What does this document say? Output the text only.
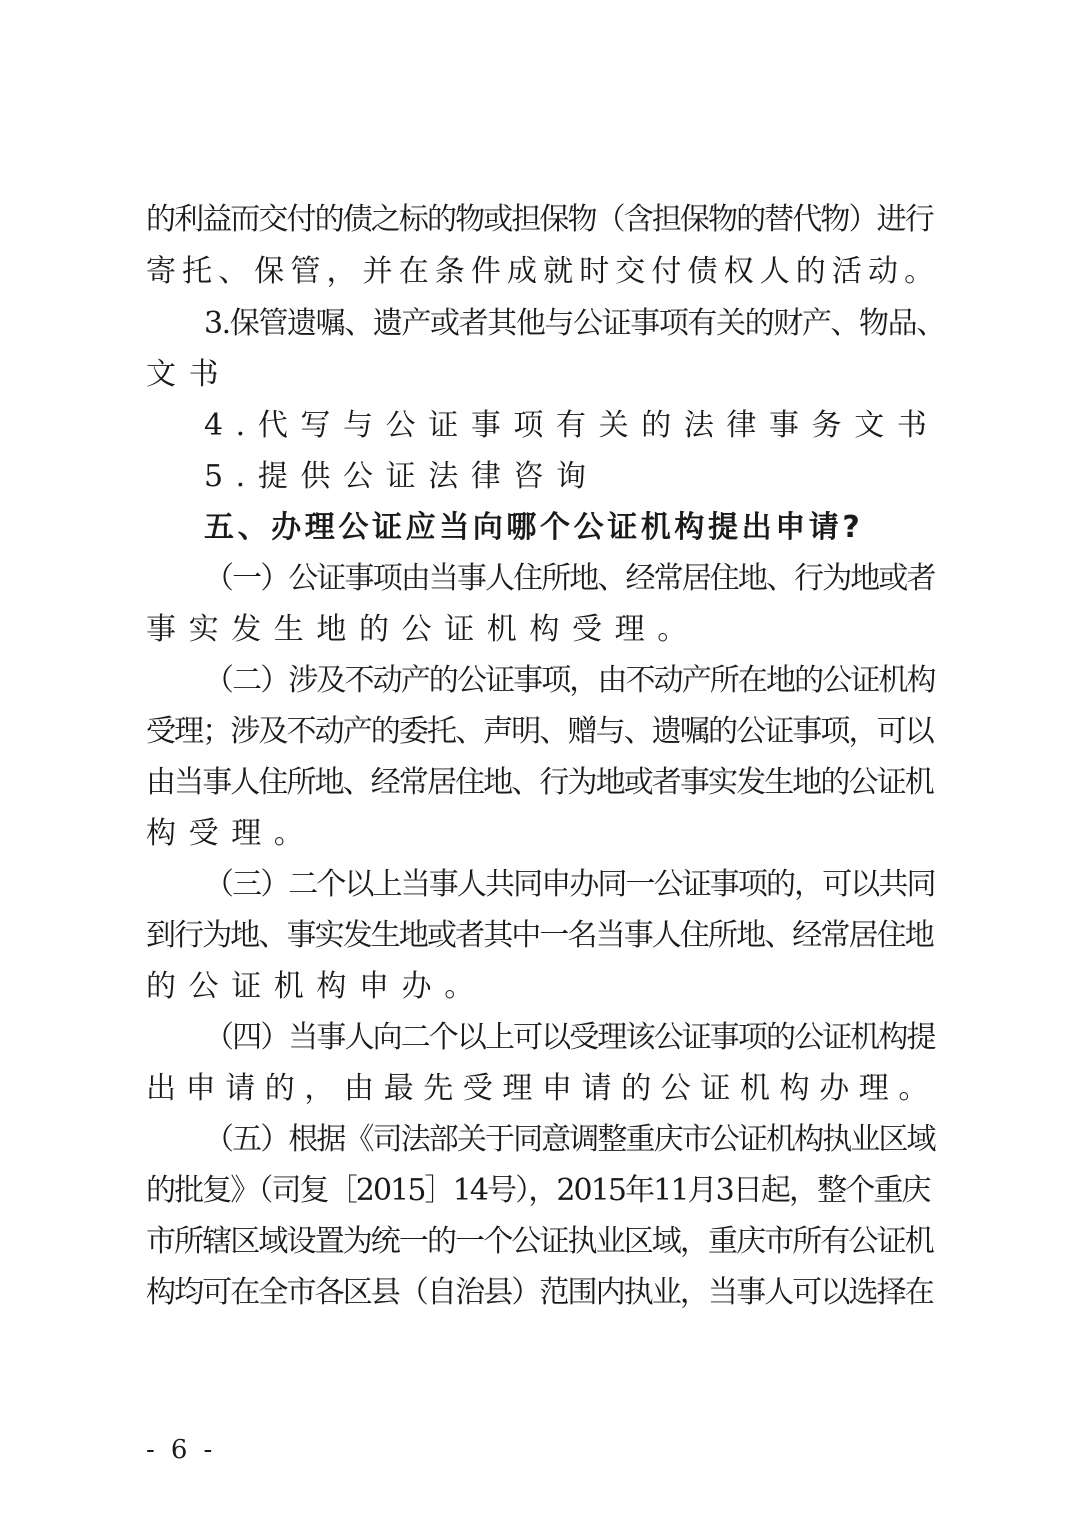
的利益而交付的债之标的物或担保物（含担保物的替代物）进行
寄托、保管，并在条件成就时交付债权人的活动。
3.保管遗嘱、遗产或者其他与公证事项有关的财产、物品、
文书
4.代写与公证事项有关的法律事务文书
5.提供公证法律咨询
五、办理公证应当向哪个公证机构提出申请?
（一）公证事项由当事人住所地、经常居住地、行为地或者
事实发生地的公证机构受理。
（二）涉及不动产的公证事项，由不动产所在地的公证机构
受理；涉及不动产的委托、声明、赠与、遗嘱的公证事项，可以
由当事人住所地、经常居住地、行为地或者事实发生地的公证机
构受理。
（三）二个以上当事人共同申办同一公证事项的，可以共同
到行为地、事实发生地或者其中一名当事人住所地、经常居住地
的公证机构申办。
（四）当事人向二个以上可以受理该公证事项的公证机构提
出申请的，由最先受理申请的公证机构办理。
（五）根据《司法部关于同意调整重庆市公证机构执业区域
的批复》（司复［2015］14号），2015年11月3日起，整个重庆
市所辖区域设置为统一的一个公证执业区域，重庆市所有公证机
构均可在全市各区县（自治县）范围内执业，当事人可以选择在
- 6 -
